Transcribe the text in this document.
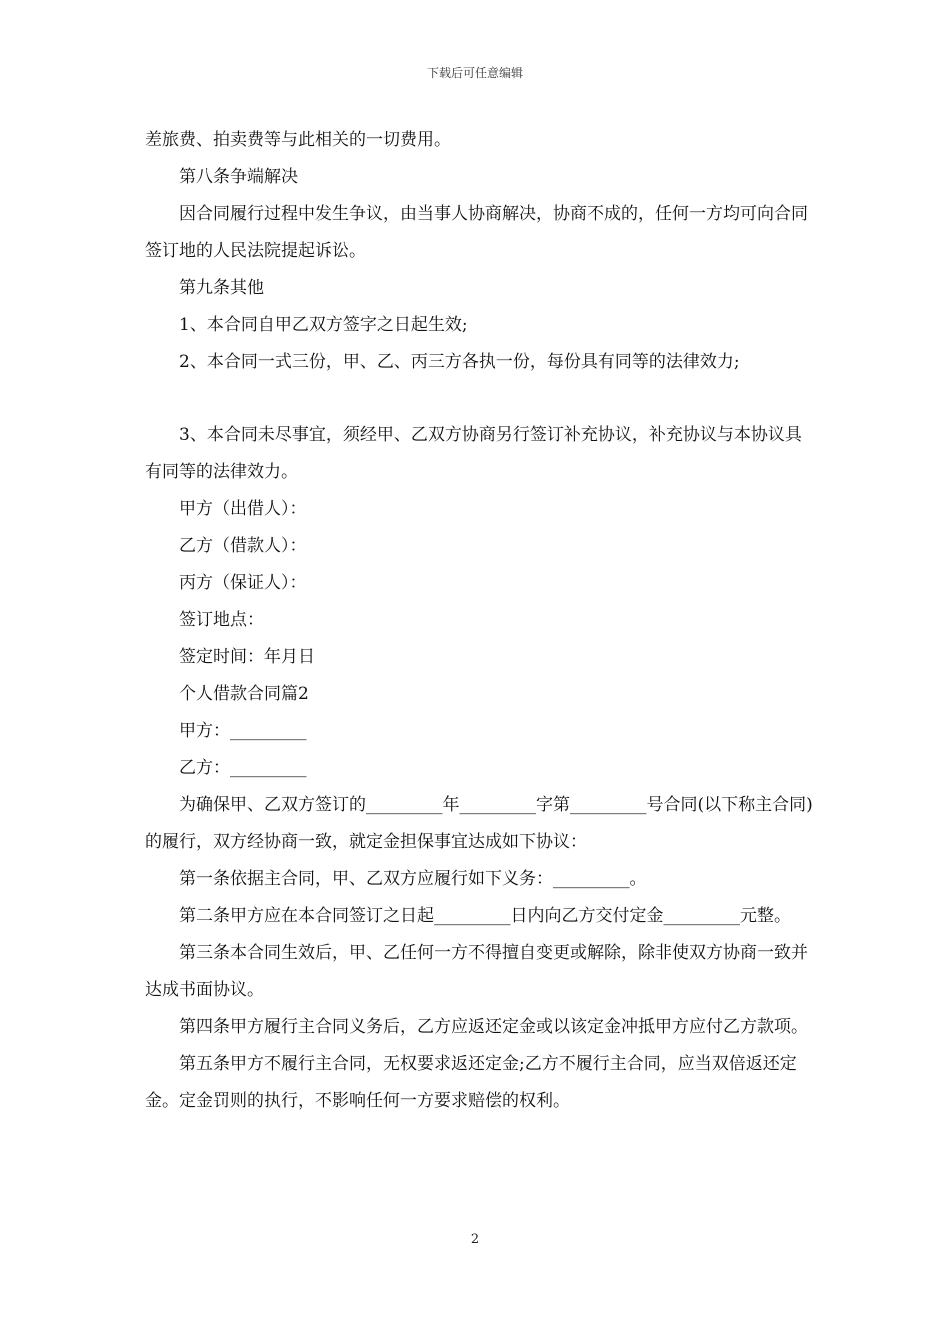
下载后可任意编辑

差旅费、拍卖费等与此相关的一切费用。

第八条争端解决

因合同履行过程中发生争议，由当事人协商解决，协商不成的，任何一方均可向合同签订地的人民法院提起诉讼。

第九条其他

1、本合同自甲乙双方签字之日起生效;

2、本合同一式三份，甲、乙、丙三方各执一份，每份具有同等的法律效力;

3、本合同未尽事宜，须经甲、乙双方协商另行签订补充协议，补充协议与本协议具有同等的法律效力。

甲方（出借人）：

乙方（借款人）：

丙方（保证人）：

签订地点：

签定时间：年月日

个人借款合同篇2

甲方：_________

乙方：_________

为确保甲、乙双方签订的_________年_________字第_________号合同(以下称主合同)的履行，双方经协商一致，就定金担保事宜达成如下协议：

第一条依据主合同，甲、乙双方应履行如下义务：_________。

第二条甲方应在本合同签订之日起_________日内向乙方交付定金_________元整。

第三条本合同生效后，甲、乙任何一方不得擅自变更或解除，除非使双方协商一致并达成书面协议。

第四条甲方履行主合同义务后，乙方应返还定金或以该定金冲抵甲方应付乙方款项。

第五条甲方不履行主合同，无权要求返还定金;乙方不履行主合同，应当双倍返还定金。定金罚则的执行，不影响任何一方要求赔偿的权利。

2
